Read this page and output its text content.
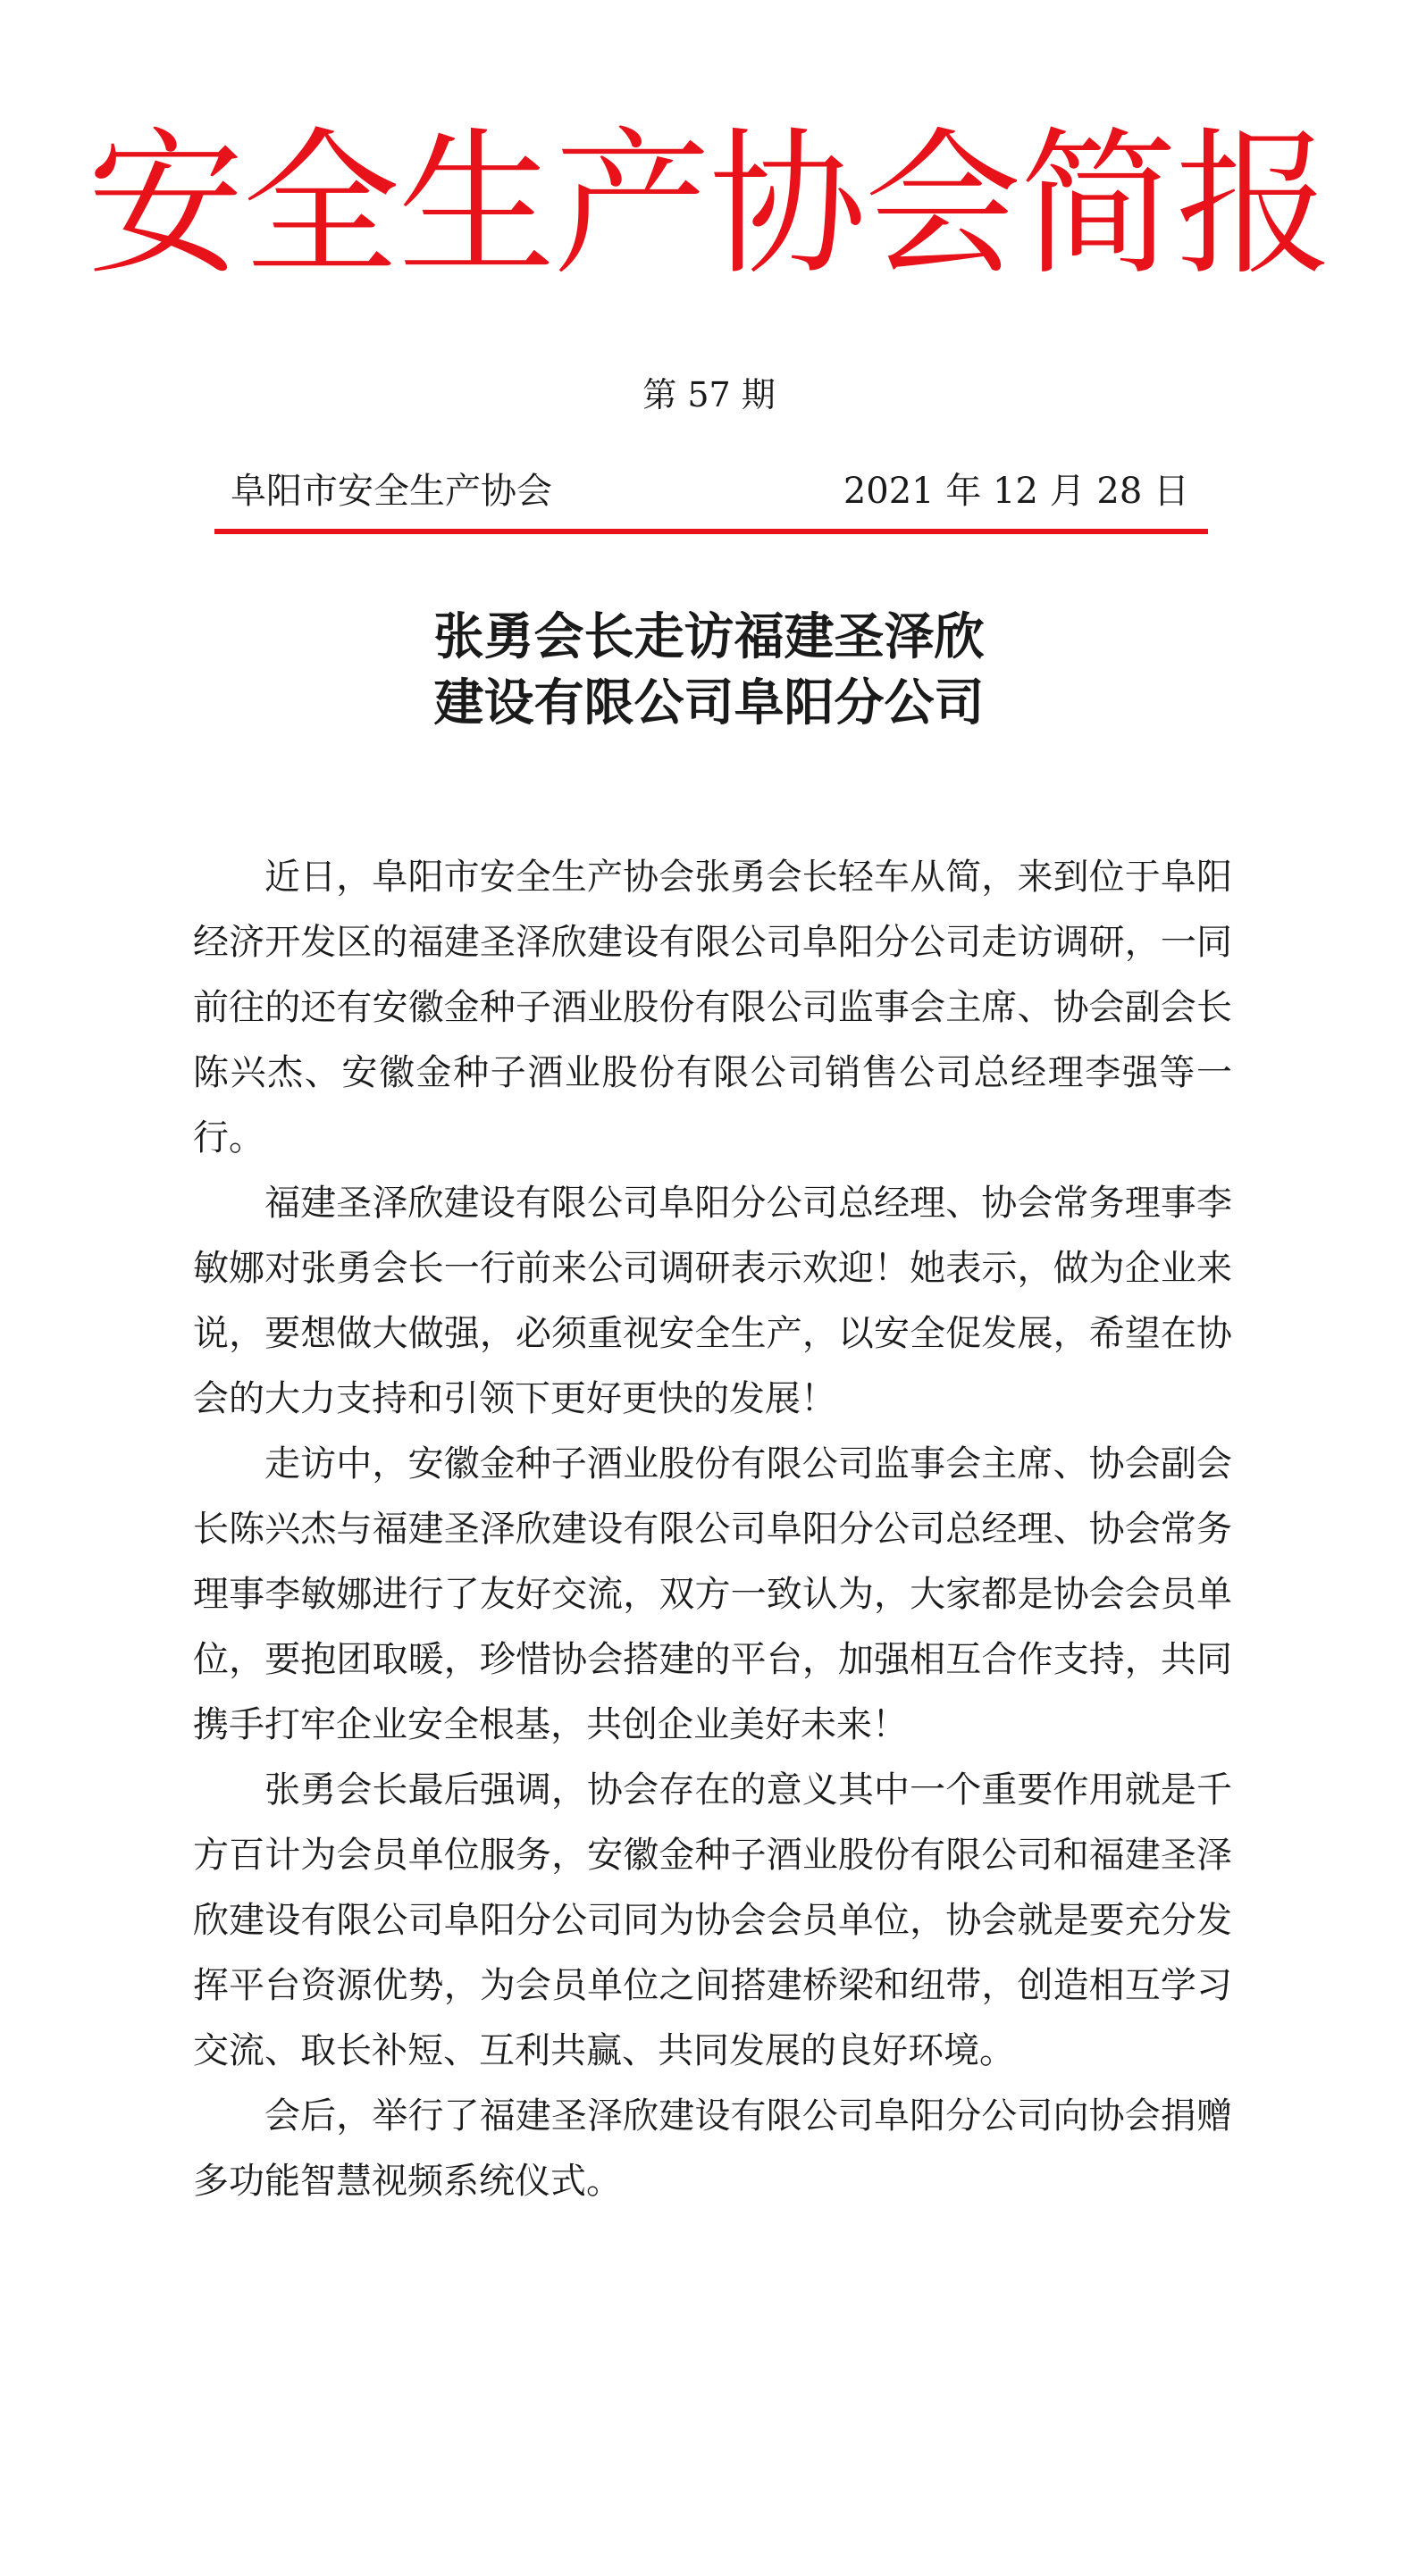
安全生产协会简报
第 57 期
阜阳市安全生产协会	2021 年 12 月 28 日
张勇会长走访福建圣泽欣
建设有限公司阜阳分公司

近日，阜阳市安全生产协会张勇会长轻车从简，来到位于阜阳经济开发区的福建圣泽欣建设有限公司阜阳分公司走访调研，一同前往的还有安徽金种子酒业股份有限公司监事会主席、协会副会长陈兴杰、安徽金种子酒业股份有限公司销售公司总经理李强等一行。

福建圣泽欣建设有限公司阜阳分公司总经理、协会常务理事李敏娜对张勇会长一行前来公司调研表示欢迎！她表示，做为企业来说，要想做大做强，必须重视安全生产，以安全促发展，希望在协会的大力支持和引领下更好更快的发展！

走访中，安徽金种子酒业股份有限公司监事会主席、协会副会长陈兴杰与福建圣泽欣建设有限公司阜阳分公司总经理、协会常务理事李敏娜进行了友好交流，双方一致认为，大家都是协会会员单位，要抱团取暖，珍惜协会搭建的平台，加强相互合作支持，共同携手打牢企业安全根基，共创企业美好未来！

张勇会长最后强调，协会存在的意义其中一个重要作用就是千方百计为会员单位服务，安徽金种子酒业股份有限公司和福建圣泽欣建设有限公司阜阳分公司同为协会会员单位，协会就是要充分发挥平台资源优势，为会员单位之间搭建桥梁和纽带，创造相互学习交流、取长补短、互利共赢、共同发展的良好环境。

会后，举行了福建圣泽欣建设有限公司阜阳分公司向协会捐赠多功能智慧视频系统仪式。
